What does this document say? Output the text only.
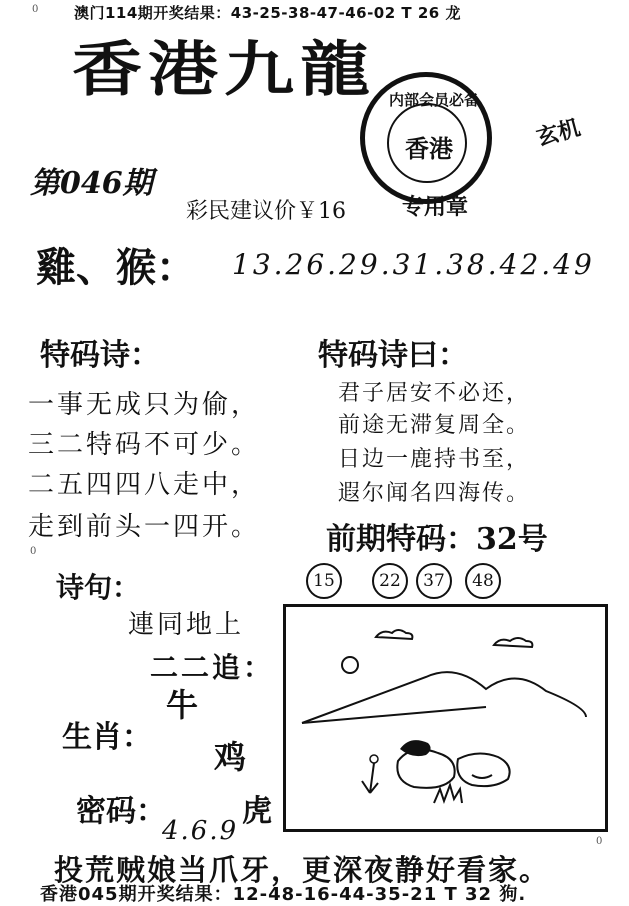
澳门114期开奖结果：43-25-38-47-46-02 T 26 龙
0
香港九龍 内部会员必备
香港	玄机
第046期
彩民建议价￥16	专用章
雞、猴： 13.26.29.31.38.42.49
特码诗：
一事无成只为偷，
三二特码不可少。
二五四四八走中，
走到前头一四开。
特码诗曰：
君子居安不必还，
前途无滞复周全。
日边一鹿持书至，
遐尔闻名四海传。
前期特码：32号
0
15	22	37	48
诗句：
連同地上
二二追：
牛
生肖：
鸡
虎
密码：
4.6.9	0
投荒贼娘当爪牙，更深夜静好看家。
香港045期开奖结果：12-48-16-44-35-21 T 32 狗.
